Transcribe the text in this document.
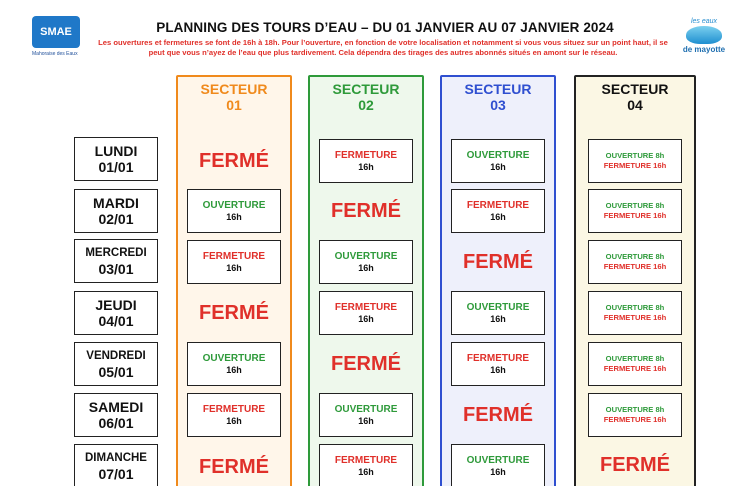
SMAE
Mahoraise des Eaux
les eaux
de mayotte
PLANNING DES TOURS D’EAU – DU 01 JANVIER AU 07 JANVIER 2024
Les ouvertures et fermetures se font de 16h à 18h. Pour l’ouverture, en fonction de votre localisation et notamment si vous vous situez sur un point haut, il se peut que vous n’ayez de l’eau que plus tardivement. Cela dépendra des tirages des autres abonnés situés en amont sur le réseau.
SECTEUR
01
SECTEUR
02
SECTEUR
03
SECTEUR
04
LUNDI
01/01
MARDI
02/01
MERCREDI
03/01
JEUDI
04/01
VENDREDI
05/01
SAMEDI
06/01
DIMANCHE
07/01
FERMÉ
OUVERTURE
16h
FERMETURE
16h
FERMÉ
OUVERTURE
16h
FERMETURE
16h
FERMÉ
FERMETURE
16h
FERMÉ
OUVERTURE
16h
FERMETURE
16h
FERMÉ
OUVERTURE
16h
FERMETURE
16h
OUVERTURE
16h
FERMETURE
16h
FERMÉ
OUVERTURE
16h
FERMETURE
16h
FERMÉ
OUVERTURE
16h
OUVERTURE 8h
FERMETURE 16h
OUVERTURE 8h
FERMETURE 16h
OUVERTURE 8h
FERMETURE 16h
OUVERTURE 8h
FERMETURE 16h
OUVERTURE 8h
FERMETURE 16h
OUVERTURE 8h
FERMETURE 16h
FERMÉ
